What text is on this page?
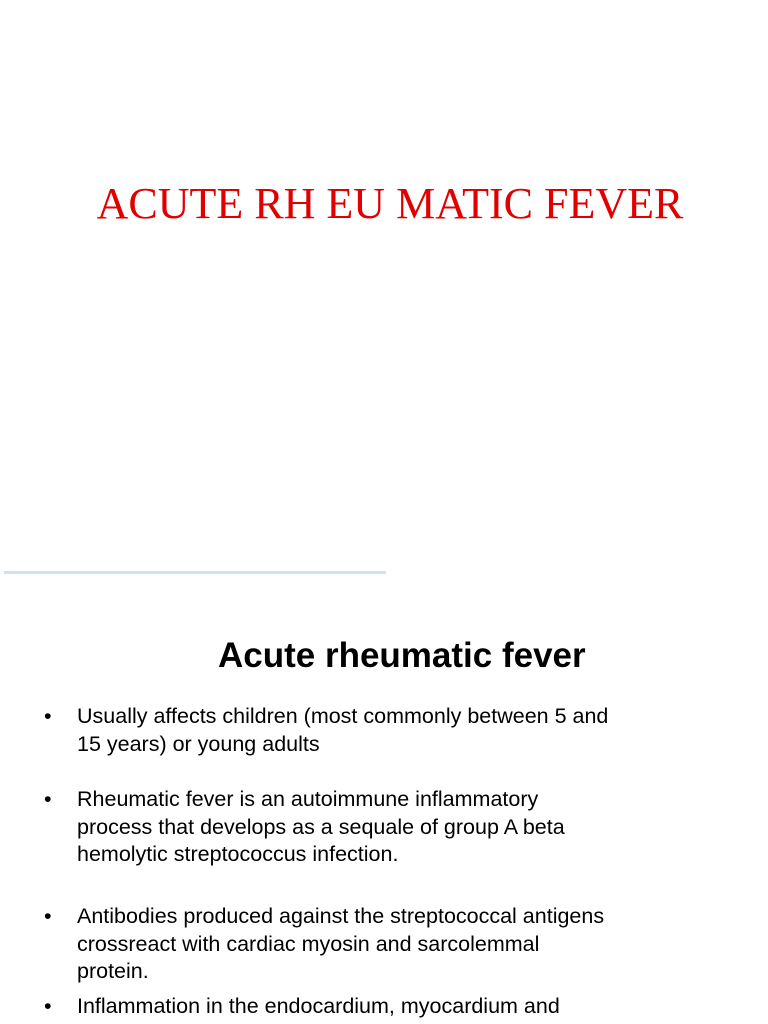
ACUTE RH EU MATIC FEVER
Acute rheumatic fever
• Usually affects children (most commonly between 5 and
15 years) or young adults
• Rheumatic fever is an autoimmune inflammatory
process that develops as a sequale of group A beta
hemolytic streptococcus infection.
• Antibodies produced against the streptococcal antigens
crossreact with cardiac myosin and sarcolemmal
protein.
• Inflammation in the endocardium, myocardium and
